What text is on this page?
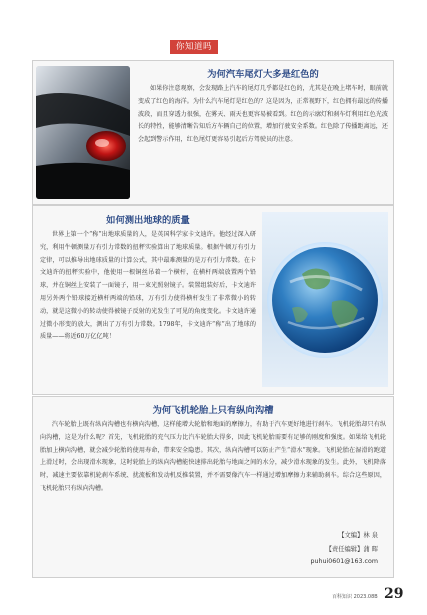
你知道吗
为何汽车尾灯大多是红色的

如果你注意观察，会发现路上汽车的尾灯几乎都是红色的，尤其是在晚上堵车时，眼前就变成了红色的海洋。为什么汽车尾灯是红色的？这是因为，正常视野下，红色拥有最远的传播波段，而且穿透力很强，在雾天、雨天也更容易被看到。红色的示廓灯和刹车灯利用红色光波长的特性，能够清晰告知后方车辆自己的位置，增加行驶安全系数。红色除了传播距离远，还会起到警示作用，红色尾灯更容易引起后方驾驶员的注意。

如何测出地球的质量

世界上第一个“称”出地球质量的人，是英国科学家卡文迪许。他经过深入研究，利用牛顿测量万有引力常数的扭秤实验算出了地球质量。根据牛顿万有引力定律，可以推导出地球质量的计算公式，其中最难测量的是万有引力常数。在卡文迪许的扭秤实验中，他使用一根铜丝吊着一个横杆，在横杆两端放置两个铅球，并在铜丝上安装了一面镜子，用一束光照射镜子。装置组装好后，卡文迪许用另外两个铅球接近横杆两端的铅球，万有引力使得横杆发生了非常微小的转动，就是这微小的转动使得被镜子反射的光发生了可见的角度变化。卡文迪许通过微小形变的放大，测出了万有引力常数。1798年，卡文迪许“称”出了地球的质量——将近60万亿亿吨！

为何飞机轮胎上只有纵向沟槽

汽车轮胎上既有纵向沟槽也有横向沟槽，这样能增大轮胎和地面的摩擦力，有助于汽车更好地进行刹车。飞机轮胎却只有纵向沟槽，这是为什么呢？首先，飞机轮胎的充气压力比汽车轮胎大得多，因此飞机轮胎需要有足够的刚度和强度。如果给飞机轮胎加上横向沟槽，就会减少轮胎的使用寿命，带来安全隐患。其次，纵向沟槽可以防止产生“滑水”现象。飞机轮胎在湿滑的跑道上滑过时，会出现滑水现象，这时轮胎上的纵向沟槽能快速排出轮胎与地面之间的水分，减少滑水现象的发生。此外，飞机降落时，减速主要依靠机轮刹车系统、扰流板和发动机反推装置，并不需要像汽车一样通过增加摩擦力来辅助刹车。综合这些原因，飞机轮胎只有纵向沟槽。

【文编】林 泉
【责任编辑】蒲 晖
puhui0601@163.com
百科知识 2023.08B 29
